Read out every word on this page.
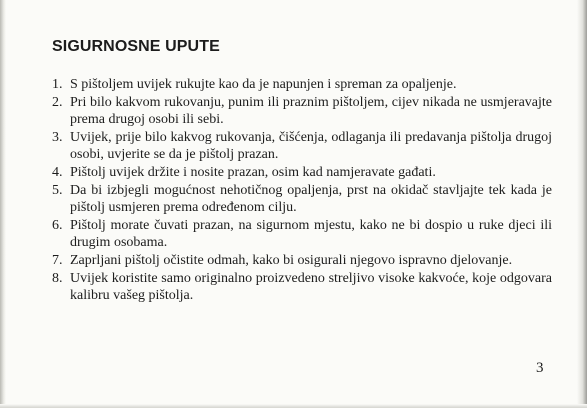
SIGURNOSNE UPUTE
1. S pištoljem uvijek rukujte kao da je napunjen i spreman za opaljenje.
2. Pri bilo kakvom rukovanju, punim ili praznim pištoljem, cijev nikada ne usmjeravajte prema drugoj osobi ili sebi.
3. Uvijek, prije bilo kakvog rukovanja, čišćenja, odlaganja ili predavanja pištolja drugoj osobi, uvjerite se da je pištolj prazan.
4. Pištolj uvijek držite i nosite prazan, osim kad namjeravate gađati.
5. Da bi izbjegli mogućnost nehotičnog opaljenja, prst na okidač stavljajte tek kada je pištolj usmjeren prema određenom cilju.
6. Pištolj morate čuvati prazan, na sigurnom mjestu, kako ne bi dospio u ruke djeci ili drugim osobama.
7. Zaprljani pištolj očistite odmah, kako bi osigurali njegovo ispravno djelovanje.
8. Uvijek koristite samo originalno proizvedeno streljivo visoke kakvoće, koje odgovara kalibru vašeg pištolja.
3
